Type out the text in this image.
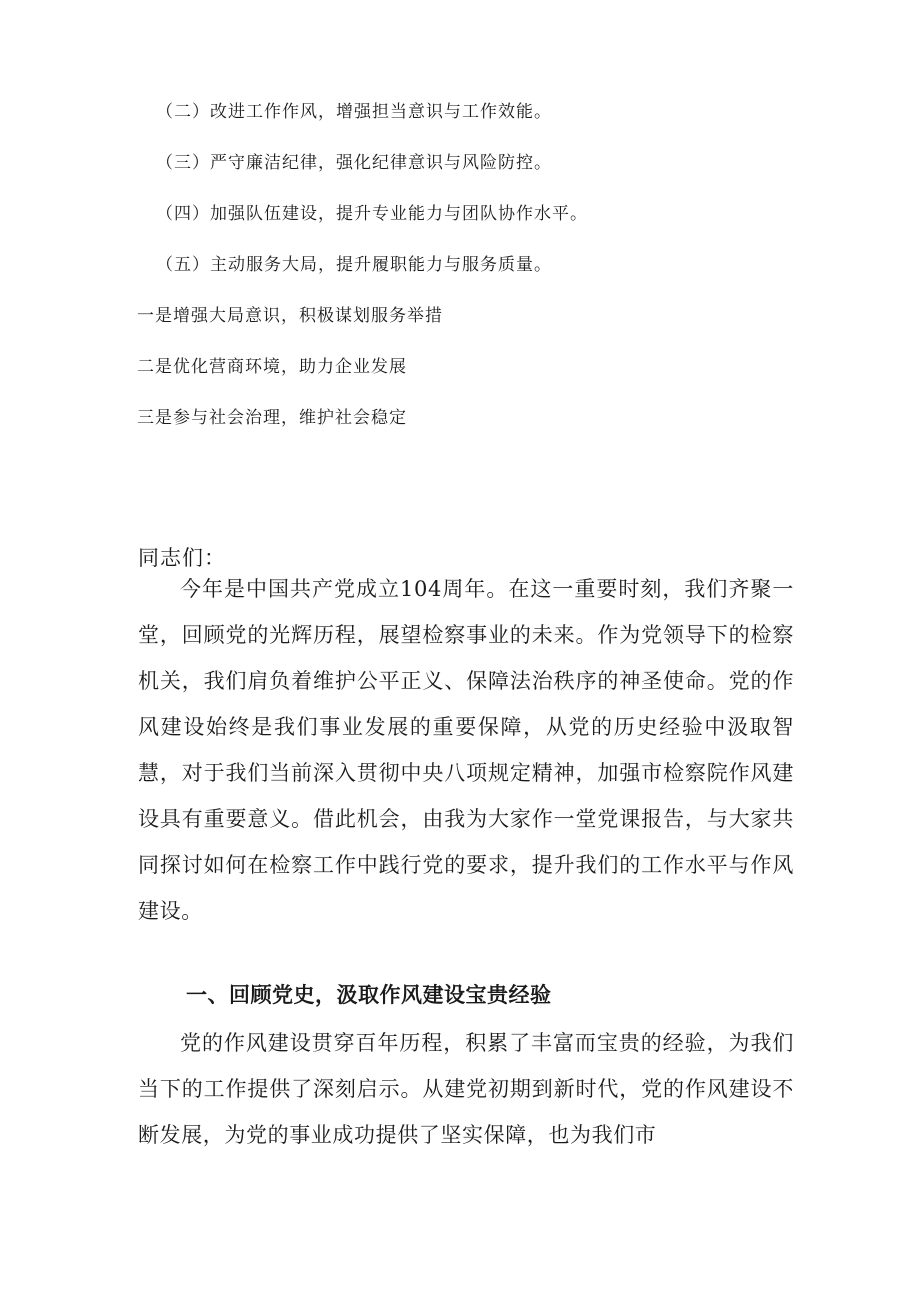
（二）改进工作作风，增强担当意识与工作效能。
（三）严守廉洁纪律，强化纪律意识与风险防控。
（四）加强队伍建设，提升专业能力与团队协作水平。
（五）主动服务大局，提升履职能力与服务质量。
一是增强大局意识，积极谋划服务举措
二是优化营商环境，助力企业发展
三是参与社会治理，维护社会稳定
同志们：

今年是中国共产党成立104周年。在这一重要时刻，我们齐聚一堂，回顾党的光辉历程，展望检察事业的未来。作为党领导下的检察机关，我们肩负着维护公平正义、保障法治秩序的神圣使命。党的作风建设始终是我们事业发展的重要保障，从党的历史经验中汲取智慧，对于我们当前深入贯彻中央八项规定精神，加强市检察院作风建设具有重要意义。借此机会，由我为大家作一堂党课报告，与大家共同探讨如何在检察工作中践行党的要求，提升我们的工作水平与作风建设。

一、回顾党史，汲取作风建设宝贵经验

党的作风建设贯穿百年历程，积累了丰富而宝贵的经验，为我们当下的工作提供了深刻启示。从建党初期到新时代，党的作风建设不断发展，为党的事业成功提供了坚实保障，也为我们市
